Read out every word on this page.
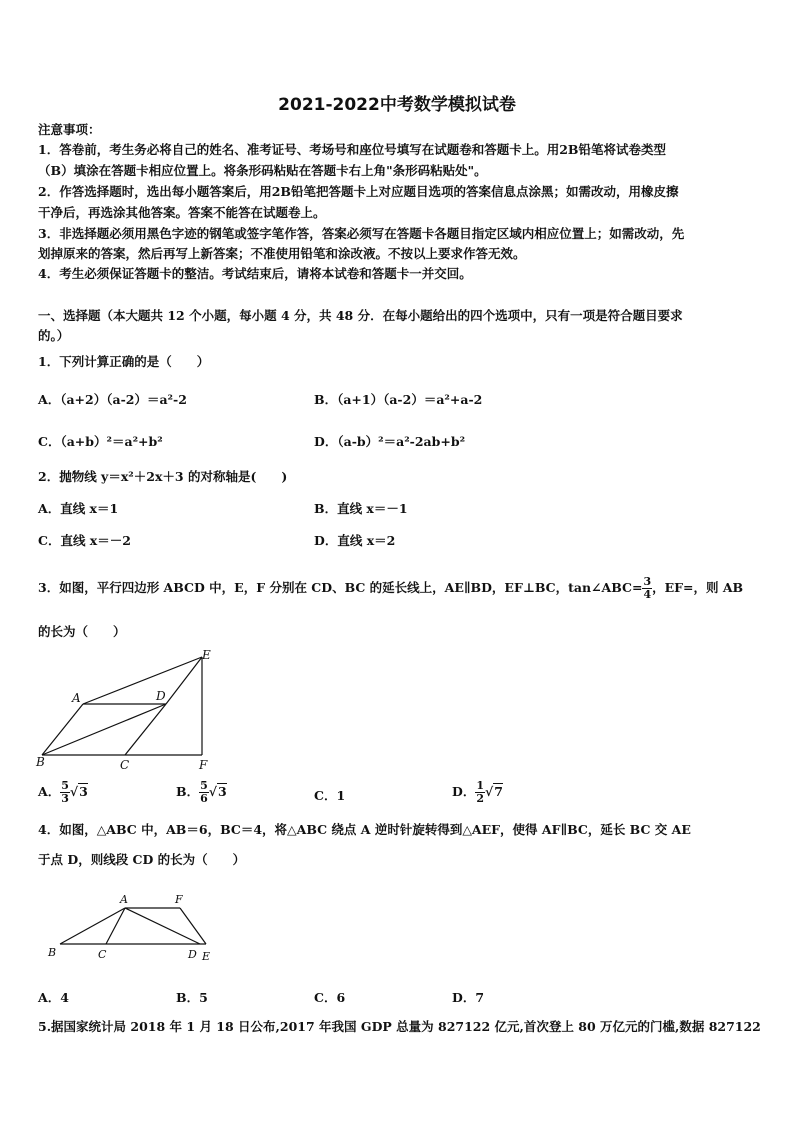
2021-2022中考数学模拟试卷
注意事项：
1．答卷前，考生务必将自己的姓名、准考证号、考场号和座位号填写在试题卷和答题卡上。用2B铅笔将试卷类型
（B）填涂在答题卡相应位置上。将条形码粘贴在答题卡右上角"条形码粘贴处"。
2．作答选择题时，选出每小题答案后，用2B铅笔把答题卡上对应题目选项的答案信息点涂黑；如需改动，用橡皮擦
干净后，再选涂其他答案。答案不能答在试题卷上。
3．非选择题必须用黑色字迹的钢笔或签字笔作答，答案必须写在答题卡各题目指定区域内相应位置上；如需改动，先
划掉原来的答案，然后再写上新答案；不准使用铅笔和涂改液。不按以上要求作答无效。
4．考生必须保证答题卡的整洁。考试结束后，请将本试卷和答题卡一并交回。
一、选择题（本大题共 12 个小题，每小题 4 分，共 48 分．在每小题给出的四个选项中，只有一项是符合题目要求
的。）
1．下列计算正确的是（　　）
A．（a+2）（a-2）＝a²-2	B．（a+1）（a-2）＝a²+a-2
C．（a+b）²＝a²+b²	D．（a-b）²＝a²-2ab+b²
2．抛物线 y＝x²＋2x＋3 的对称轴是(　　)
A．直线 x＝1	B．直线 x＝－1
C．直线 x＝－2	D．直线 x＝2
3．如图，平行四边形 ABCD 中，E，F 分别在 CD、BC 的延长线上，AE∥BD，EF⊥BC，tan∠ABC= $\frac{3}{4}$ ，EF=，则 AB
的长为（　　）
A	D
E
B	C	F
A． $\frac{5}{3} √3$	B． $\frac{5}{6} √3$	C．1	D． $\frac{1}{2} √7$
4．如图，△ABC 中，AB＝6，BC＝4，将△ABC 绕点 A 逆时针旋转得到△AEF，使得 AF∥BC，延长 BC 交 AE
于点 D，则线段 CD 的长为（　　）
A	F
B	C	D E
A．4	B．5	C．6	D．7
5.据国家统计局 2018 年 1 月 18 日公布,2017 年我国 GDP 总量为 827122 亿元,首次登上 80 万亿元的门槛,数据 827122
